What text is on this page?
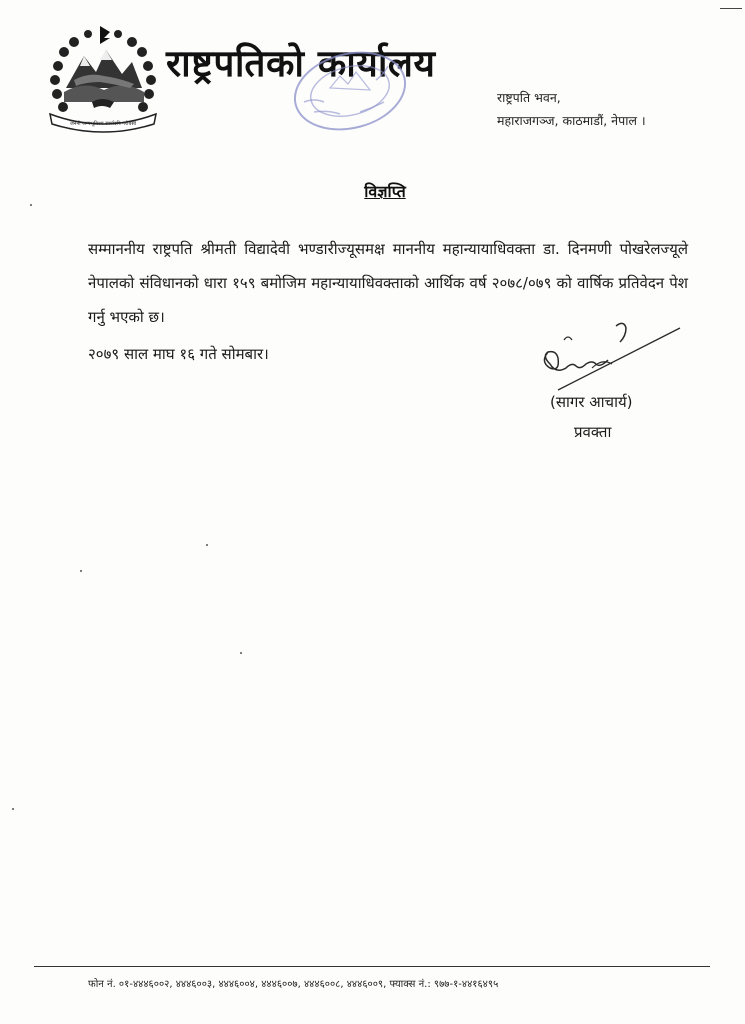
जननी जन्मभूमिश्च स्वर्गादपि गरीयसी
राष्ट्रपतिको कार्यालय
राष्ट्रपति भवन,
महाराजगञ्ज, काठमाडौं, नेपाल ।
विज्ञप्ति

सम्माननीय राष्ट्रपति श्रीमती विद्यादेवी भण्डारीज्यूसमक्ष माननीय महान्यायाधिवक्ता डा. दिनमणी पोखरेलज्यूले नेपालको संविधानको धारा १५९ बमोजिम महान्यायाधिवक्ताको आर्थिक वर्ष २०७८/०७९ को वार्षिक प्रतिवेदन पेश गर्नु भएको छ।

२०७९ साल माघ १६ गते सोमबार।
(सागर आचार्य)
प्रवक्ता
फोन नं. ०१-४४४६००२, ४४४६००३, ४४४६००४, ४४४६००७, ४४४६००८, ४४४६००९, फ्याक्स नं.: ९७७-१-४४१६४९५
